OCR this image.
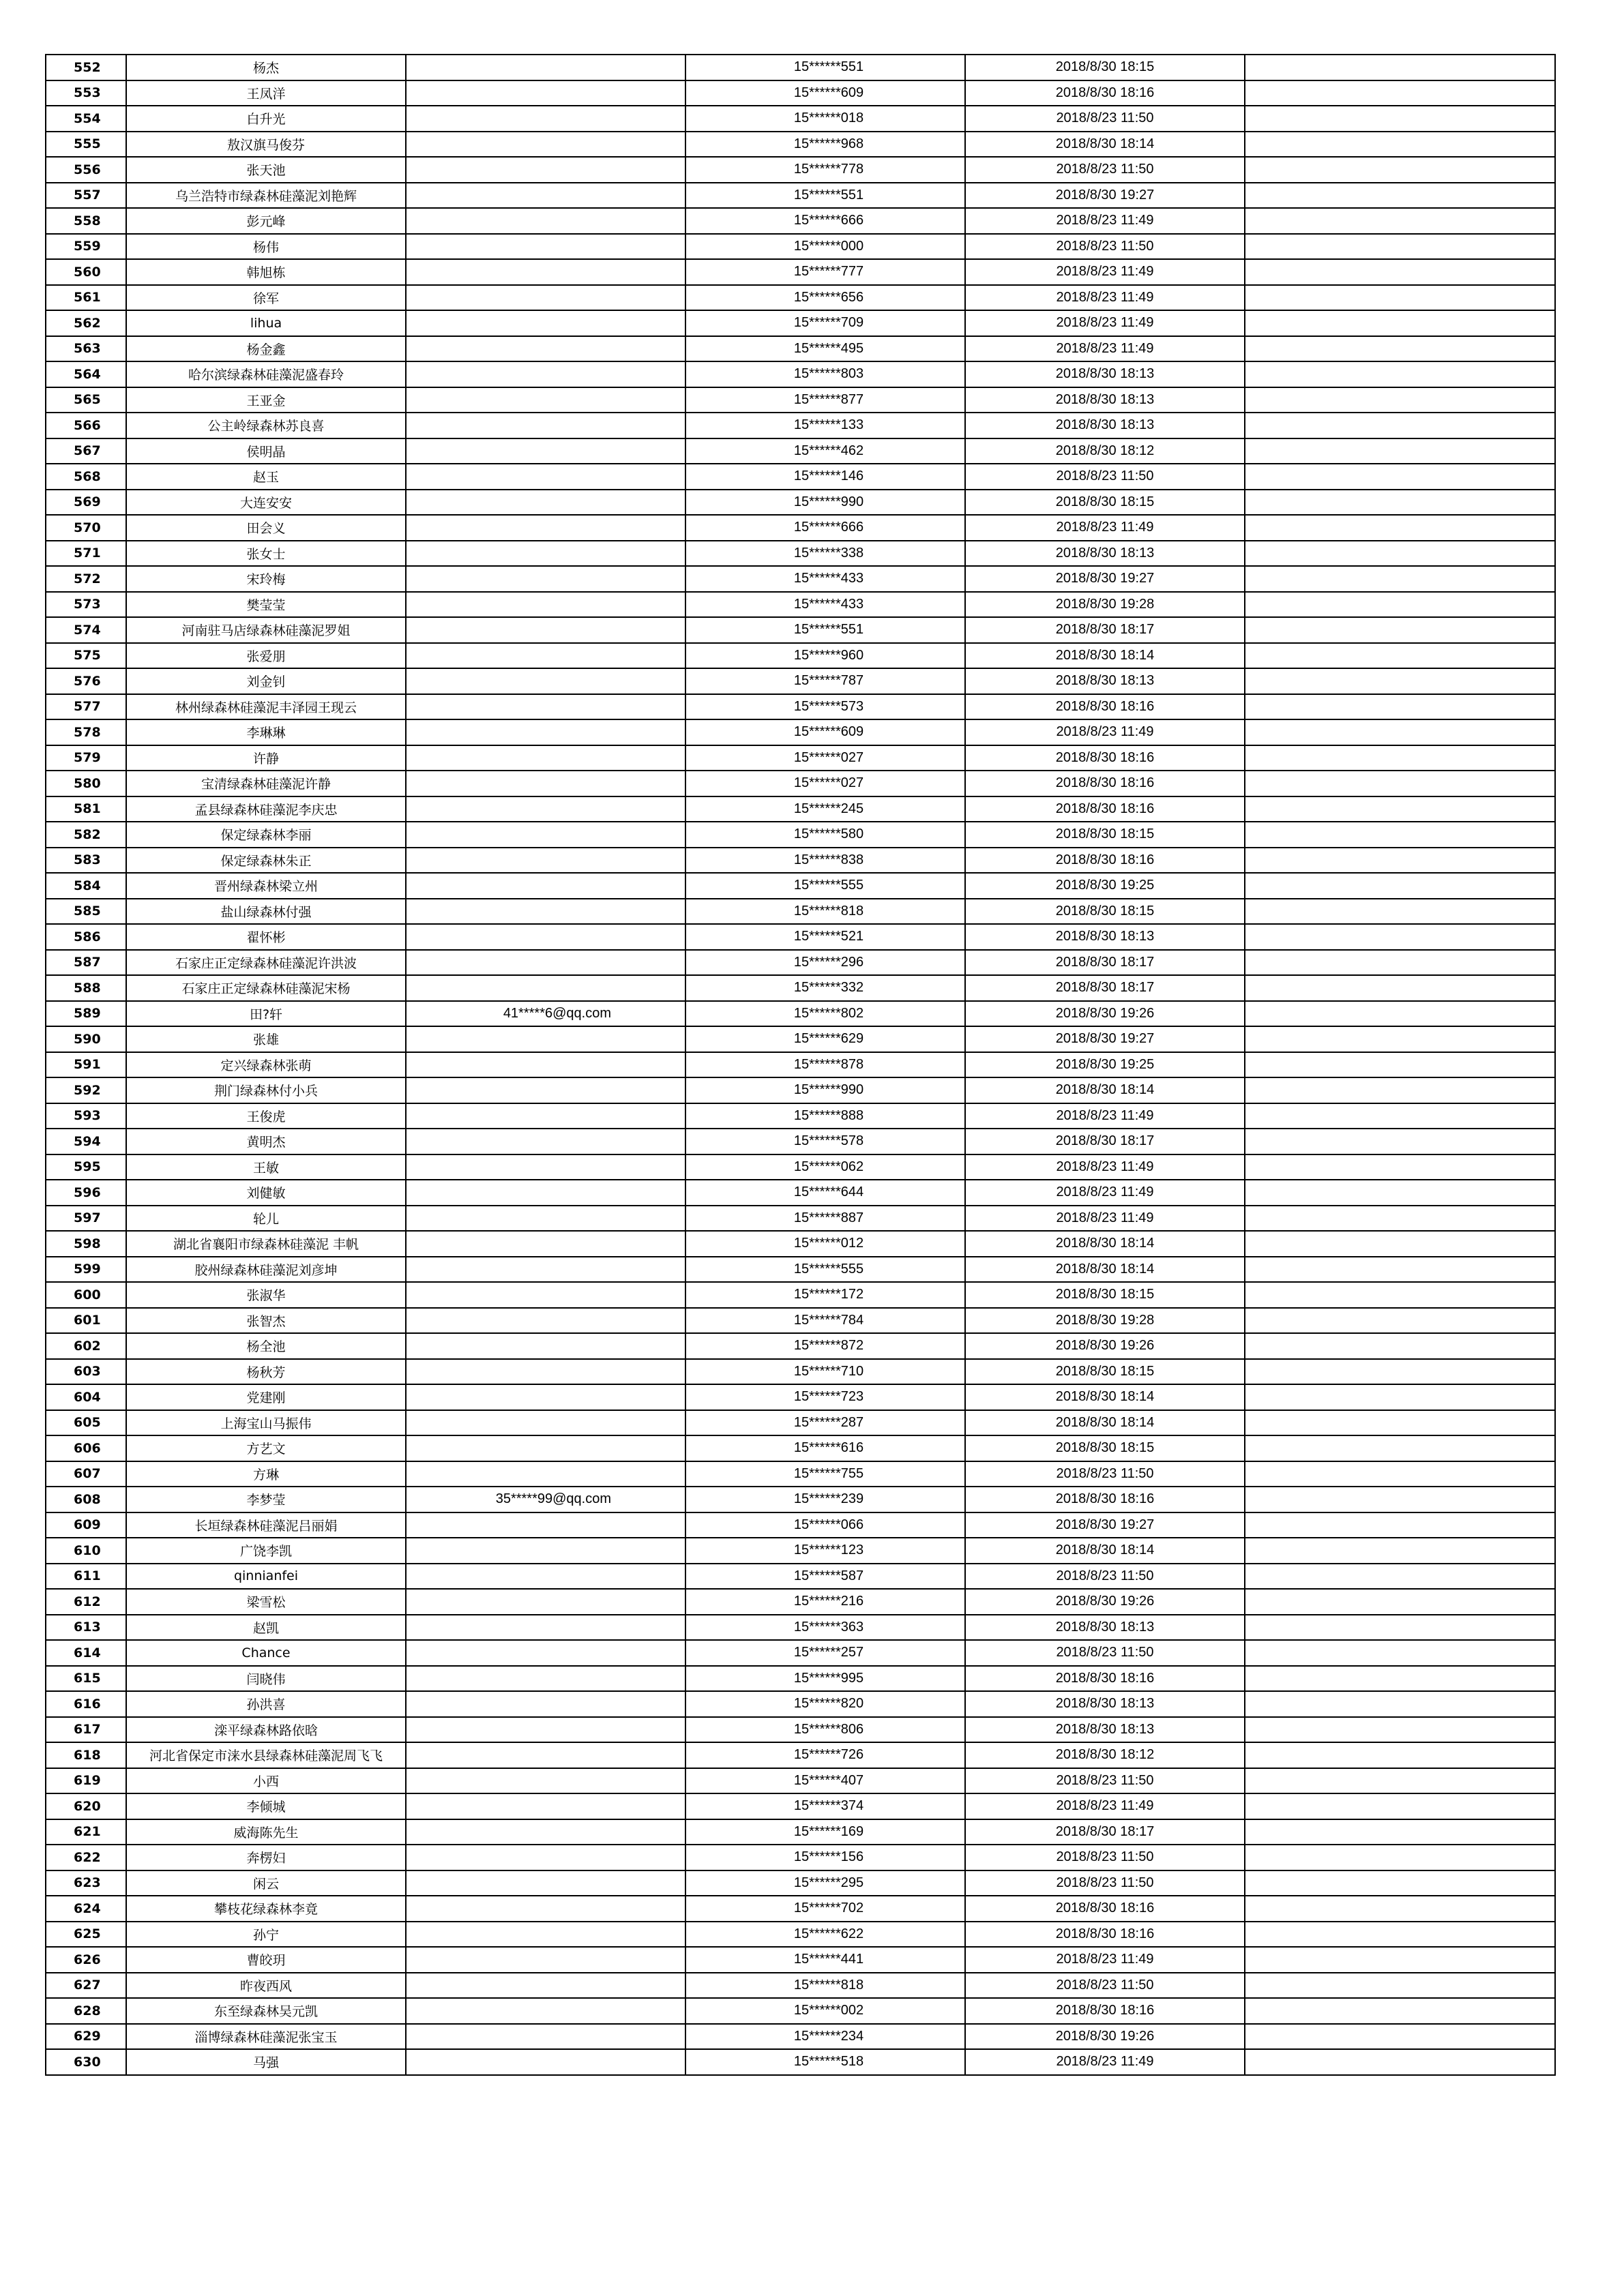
552	杨杰		15******551	2018/8/30 18:15	
553	王凤洋		15******609	2018/8/30 18:16	
554	白升光		15******018	2018/8/23 11:50	
555	敖汉旗马俊芬		15******968	2018/8/30 18:14	
556	张天池		15******778	2018/8/23 11:50	
557	乌兰浩特市绿森林硅藻泥刘艳辉		15******551	2018/8/30 19:27	
558	彭元峰		15******666	2018/8/23 11:49	
559	杨伟		15******000	2018/8/23 11:50	
560	韩旭栋		15******777	2018/8/23 11:49	
561	徐军		15******656	2018/8/23 11:49	
562	lihua		15******709	2018/8/23 11:49	
563	杨金鑫		15******495	2018/8/23 11:49	
564	哈尔滨绿森林硅藻泥盛春玲		15******803	2018/8/30 18:13	
565	王亚金		15******877	2018/8/30 18:13	
566	公主岭绿森林苏良喜		15******133	2018/8/30 18:13	
567	侯明晶		15******462	2018/8/30 18:12	
568	赵玉		15******146	2018/8/23 11:50	
569	大连安安		15******990	2018/8/30 18:15	
570	田会义		15******666	2018/8/23 11:49	
571	张女士		15******338	2018/8/30 18:13	
572	宋玲梅		15******433	2018/8/30 19:27	
573	樊莹莹		15******433	2018/8/30 19:28	
574	河南驻马店绿森林硅藻泥罗姐		15******551	2018/8/30 18:17	
575	张爱朋		15******960	2018/8/30 18:14	
576	刘金钊		15******787	2018/8/30 18:13	
577	林州绿森林硅藻泥丰泽园王现云		15******573	2018/8/30 18:16	
578	李琳琳		15******609	2018/8/23 11:49	
579	许静		15******027	2018/8/30 18:16	
580	宝清绿森林硅藻泥许静		15******027	2018/8/30 18:16	
581	孟县绿森林硅藻泥李庆忠		15******245	2018/8/30 18:16	
582	保定绿森林李丽		15******580	2018/8/30 18:15	
583	保定绿森林朱正		15******838	2018/8/30 18:16	
584	晋州绿森林梁立州		15******555	2018/8/30 19:25	
585	盐山绿森林付强		15******818	2018/8/30 18:15	
586	翟怀彬		15******521	2018/8/30 18:13	
587	石家庄正定绿森林硅藻泥许洪波		15******296	2018/8/30 18:17	
588	石家庄正定绿森林硅藻泥宋杨		15******332	2018/8/30 18:17	
589	田?轩	41*****6@qq.com	15******802	2018/8/30 19:26	
590	张雄		15******629	2018/8/30 19:27	
591	定兴绿森林张萌		15******878	2018/8/30 19:25	
592	荆门绿森林付小兵		15******990	2018/8/30 18:14	
593	王俊虎		15******888	2018/8/23 11:49	
594	黄明杰		15******578	2018/8/30 18:17	
595	王敏		15******062	2018/8/23 11:49	
596	刘健敏		15******644	2018/8/23 11:49	
597	轮儿		15******887	2018/8/23 11:49	
598	湖北省襄阳市绿森林硅藻泥 丰帆		15******012	2018/8/30 18:14	
599	胶州绿森林硅藻泥刘彦坤		15******555	2018/8/30 18:14	
600	张淑华		15******172	2018/8/30 18:15	
601	张智杰		15******784	2018/8/30 19:28	
602	杨全池		15******872	2018/8/30 19:26	
603	杨秋芳		15******710	2018/8/30 18:15	
604	党建刚		15******723	2018/8/30 18:14	
605	上海宝山马振伟		15******287	2018/8/30 18:14	
606	方艺文		15******616	2018/8/30 18:15	
607	方琳		15******755	2018/8/23 11:50	
608	李梦莹	35*****99@qq.com	15******239	2018/8/30 18:16	
609	长垣绿森林硅藻泥吕丽娟		15******066	2018/8/30 19:27	
610	广饶李凯		15******123	2018/8/30 18:14	
611	qinnianfei		15******587	2018/8/23 11:50	
612	梁雪松		15******216	2018/8/30 19:26	
613	赵凯		15******363	2018/8/30 18:13	
614	Chance		15******257	2018/8/23 11:50	
615	闫晓伟		15******995	2018/8/30 18:16	
616	孙洪喜		15******820	2018/8/30 18:13	
617	滦平绿森林路依晗		15******806	2018/8/30 18:13	
618	河北省保定市涞水县绿森林硅藻泥周飞飞		15******726	2018/8/30 18:12	
619	小西		15******407	2018/8/23 11:50	
620	李倾城		15******374	2018/8/23 11:49	
621	威海陈先生		15******169	2018/8/30 18:17	
622	奔楞妇		15******156	2018/8/23 11:50	
623	闲云		15******295	2018/8/23 11:50	
624	攀枝花绿森林李竟		15******702	2018/8/30 18:16	
625	孙宁		15******622	2018/8/30 18:16	
626	曹皎玥		15******441	2018/8/23 11:49	
627	昨夜西风		15******818	2018/8/23 11:50	
628	东至绿森林吴元凯		15******002	2018/8/30 18:16	
629	淄博绿森林硅藻泥张宝玉		15******234	2018/8/30 19:26	
630	马强		15******518	2018/8/23 11:49	
